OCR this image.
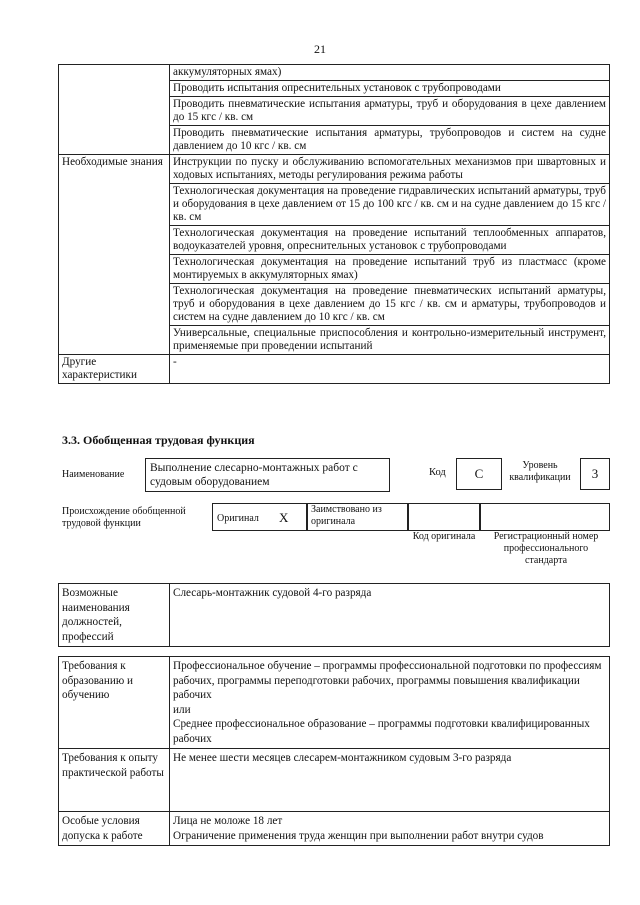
21
	аккумуляторных ямах)
	Проводить испытания опреснительных установок с трубопроводами
	Проводить пневматические испытания арматуры, труб и оборудования в цехе давлением до 15 кгс / кв. см
	Проводить пневматические испытания арматуры, трубопроводов и систем на судне давлением до 10 кгс / кв. см
Необходимые знания	Инструкции по пуску и обслуживанию вспомогательных механизмов при швартовных и ходовых испытаниях, методы регулирования режима работы
	Технологическая документация на проведение гидравлических испытаний арматуры, труб и оборудования в цехе давлением от 15 до 100 кгс / кв. см и на судне давлением до 15 кгс / кв. см
	Технологическая документация на проведение испытаний теплообменных аппаратов, водоуказателей уровня, опреснительных установок с трубопроводами
	Технологическая документация на проведение испытаний труб из пластмасс (кроме монтируемых в аккумуляторных ямах)
	Технологическая документация на проведение пневматических испытаний арматуры, труб и оборудования в цехе давлением до 15 кгс / кв. см и арматуры, трубопроводов и систем на судне давлением до 10 кгс / кв. см
	Универсальные, специальные приспособления и контрольно-измерительный инструмент, применяемые при проведении испытаний
Другие характеристики	-
3.3. Обобщенная трудовая функция
Наименование
Выполнение слесарно-монтажных работ с судовым оборудованием
Код	C
Уровень квалификации	3
Происхождение обобщенной трудовой функции	Оригинал X
Заимствовано из оригинала
Код оригинала	Регистрационный номер профессионального стандарта
Возможные наименования должностей, профессий	Слесарь-монтажник судовой 4-го разряда
Требования к образованию и обучению	Профессиональное обучение – программы профессиональной подготовки по профессиям рабочих, программы переподготовки рабочих, программы повышения квалификации рабочих
или
Среднее профессиональное образование – программы подготовки квалифицированных рабочих

Требования к опыту практической работы	Не менее шести месяцев слесарем-монтажником судовым 3-го разряда
Особые условия допуска к работе	Лица не моложе 18 лет
Ограничение применения труда женщин при выполнении работ внутри судов
